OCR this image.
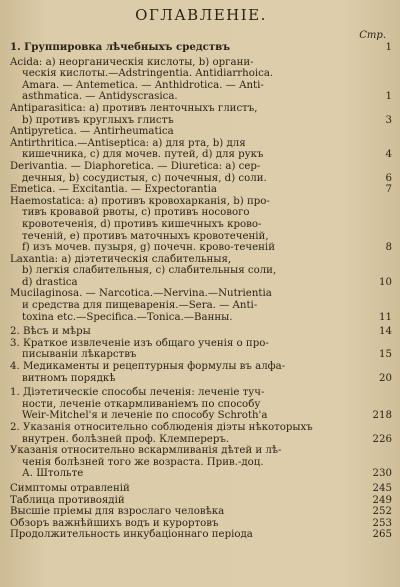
ОГЛАВЛЕНІЕ.
Стр.
1. Группировка лѣчебныхъ средствъ	1
Acida: a) неорганическія кислоты, b) органи-
ческія кислоты.—Adstringentia. Antidiarrhoica.
Amara. — Antemetica. — Anthidrotica. — Anti-
asthmatica. — Antidyscrasica.	1
Antiparasitica: a) противъ ленточныхъ глистъ,
b) противъ круглыхъ глистъ	3
Antipyretica. — Antirheumatica
Antirthritica.—Antiseptica: a) для рта, b) для
кишечника, c) для мочев. путей, d) для рукъ	4
Derivantia. — Diaphoretica. — Diuretica: a) cер-
дечныя, b) сосудистыя, c) почечныя, d) соли.	6
Emetica. — Excitantia. — Expectorantia	7
Haemostatica: a) противъ кровохарканія, b) про-
тивъ кровавой рвоты, c) противъ носового
кровотеченія, d) противъ кишечныхъ крово-
теченій, e) противъ маточныхъ кровотеченій,
f) изъ мочев. пузыря, g) почечн. крово-теченій	8
Laxantia: a) діэтетическія слабительныя,
b) легкія слабительныя, c) слабительныя соли,
d) drastica	10
Mucilaginosa. — Narcotica.—Nervina.—Nutrientia
и средства для пищеваренія.—Sera. — Anti-
toxina etc.—Specifica.—Tonica.—Ванны.	11
2. Вѣсъ и мѣры	14
3. Краткое извлеченіе изъ общаго ученія о про-
писываніи лѣкарствъ	15
4. Медикаменты и рецептурныя формулы въ алфа-
витномъ порядкѣ	20
1. Діэтетическіе способы леченія: леченіе туч-
ности, леченіе откармливаніемъ по способу
Weir-Mitchel'я и леченіе по способу Schroth'а	218
2. Указанія относительно соблюденія діэты нѣкоторыхъ
внутрен. болѣзней проф. Клемпереръ.	226
Указанія относительно вскармливанія дѣтей и лѣ-
ченія болѣзней того же возраста. Прив.-доц.
А. Штольте	230
Симптомы отравленій	245
Таблица противоядій	249
Высшіе пріемы для взрослаго человѣка	252
Обзоръ важнѣйшихъ водъ и курортовъ	253
Продолжительность инкубаціоннаго періода	265
